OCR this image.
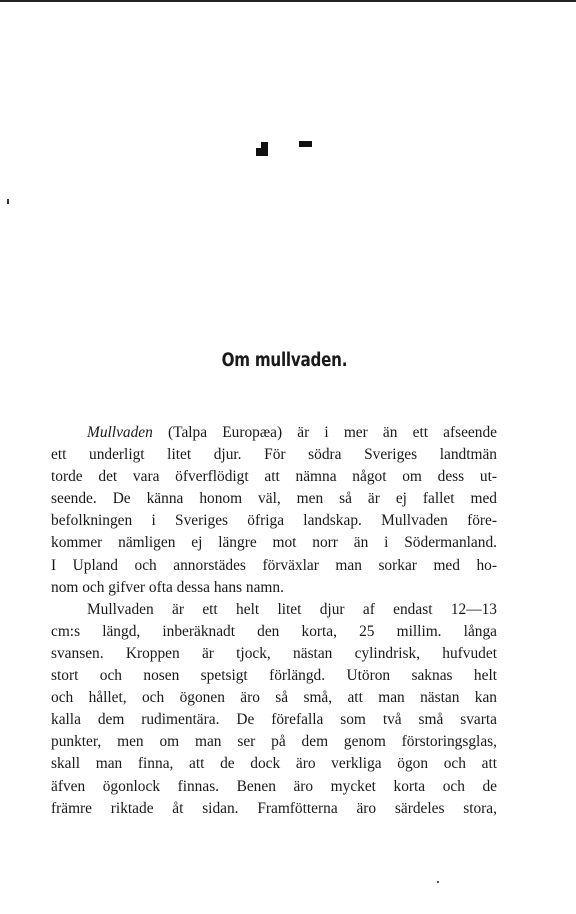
Om mullvaden.
Mullvaden (Talpa Europæa) är i mer än ett afseende
ett underligt litet djur. För södra Sveriges landtmän
torde det vara öfverflödigt att nämna något om dess ut-
seende. De känna honom väl, men så är ej fallet med
befolkningen i Sveriges öfriga landskap. Mullvaden före-
kommer nämligen ej längre mot norr än i Södermanland.
I Upland och annorstädes förväxlar man sorkar med ho-
nom och gifver ofta dessa hans namn.
Mullvaden är ett helt litet djur af endast 12—13
cm:s längd, inberäknadt den korta, 25 millim. långa
svansen. Kroppen är tjock, nästan cylindrisk, hufvudet
stort och nosen spetsigt förlängd. Utöron saknas helt
och hållet, och ögonen äro så små, att man nästan kan
kalla dem rudimentära. De förefalla som två små svarta
punkter, men om man ser på dem genom förstoringsglas,
skall man finna, att de dock äro verkliga ögon och att
äfven ögonlock finnas. Benen äro mycket korta och de
främre riktade åt sidan. Framfötterna äro särdeles stora,
